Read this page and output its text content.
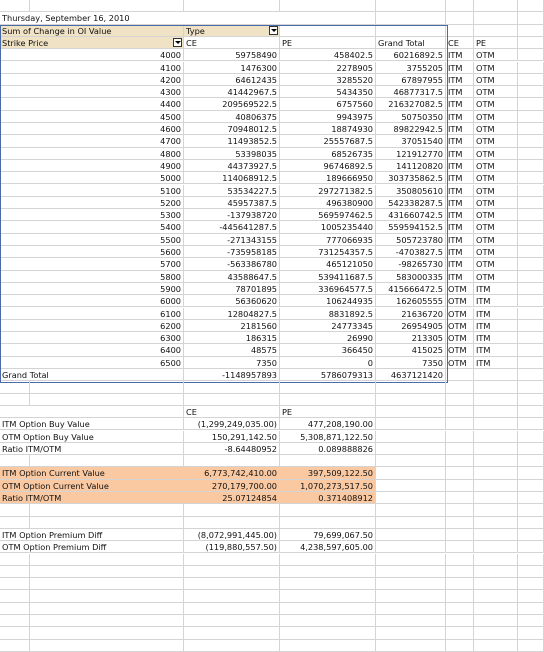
Thursday, September 16, 2010
Sum of Change in OI Value	Type
Strike Price	CE	PE	Grand Total	CE	PE
4000	59758490	458402.5	60216892.5 ITM	OTM
4100	1476300	2278905	3755205 ITM	OTM
4200	64612435	3285520	67897955 ITM	OTM
4300	41442967.5	5434350	46877317.5 ITM	OTM
4400	209569522.5	6757560	216327082.5 ITM	OTM
4500	40806375	9943975	50750350 ITM	OTM
4600	70948012.5	18874930	89822942.5 ITM	OTM
4700	11493852.5	25557687.5	37051540 ITM	OTM
4800	53398035	68526735	121912770 ITM	OTM
4900	44373927.5	96746892.5	141120820 ITM	OTM
5000	114068912.5	189666950	303735862.5 ITM	OTM
5100	53534227.5	297271382.5	350805610 ITM	OTM
5200	45957387.5	496380900	542338287.5 ITM	OTM
5300	-137938720	569597462.5	431660742.5 ITM	OTM
5400	-445641287.5	1005235440	559594152.5 ITM	OTM
5500	-271343155	777066935	505723780 ITM	OTM
5600	-735958185	731254357.5	-4703827.5 ITM	OTM
5700	-563386780	465121050	-98265730 ITM	OTM
5800	43588647.5	539411687.5	583000335 ITM	OTM
5900	78701895	336964577.5	415666472.5 OTM	ITM
6000	56360620	106244935	162605555 OTM	ITM
6100	12804827.5	8831892.5	21636720 OTM	ITM
6200	2181560	24773345	26954905 OTM	ITM
6300	186315	26990	213305 OTM	ITM
6400	48575	366450	415025 OTM	ITM
6500	7350	0	7350 OTM	ITM
Grand Total	-1148957893	5786079313	4637121420
CE	PE
ITM Option Buy Value	(1,299,249,035.00)	477,208,190.00
OTM Option Buy Value	150,291,142.50	5,308,871,122.50
Ratio ITM/OTM	-8.64480952	0.089888826
ITM Option Current Value	6,773,742,410.00	397,509,122.50
OTM Option Current Value	270,179,700.00	1,070,273,517.50
Ratio ITM/OTM	25.07124854	0.371408912
ITM Option Premium Diff	(8,072,991,445.00)	79,699,067.50
OTM Option Premium Diff	(119,880,557.50)	4,238,597,605.00
